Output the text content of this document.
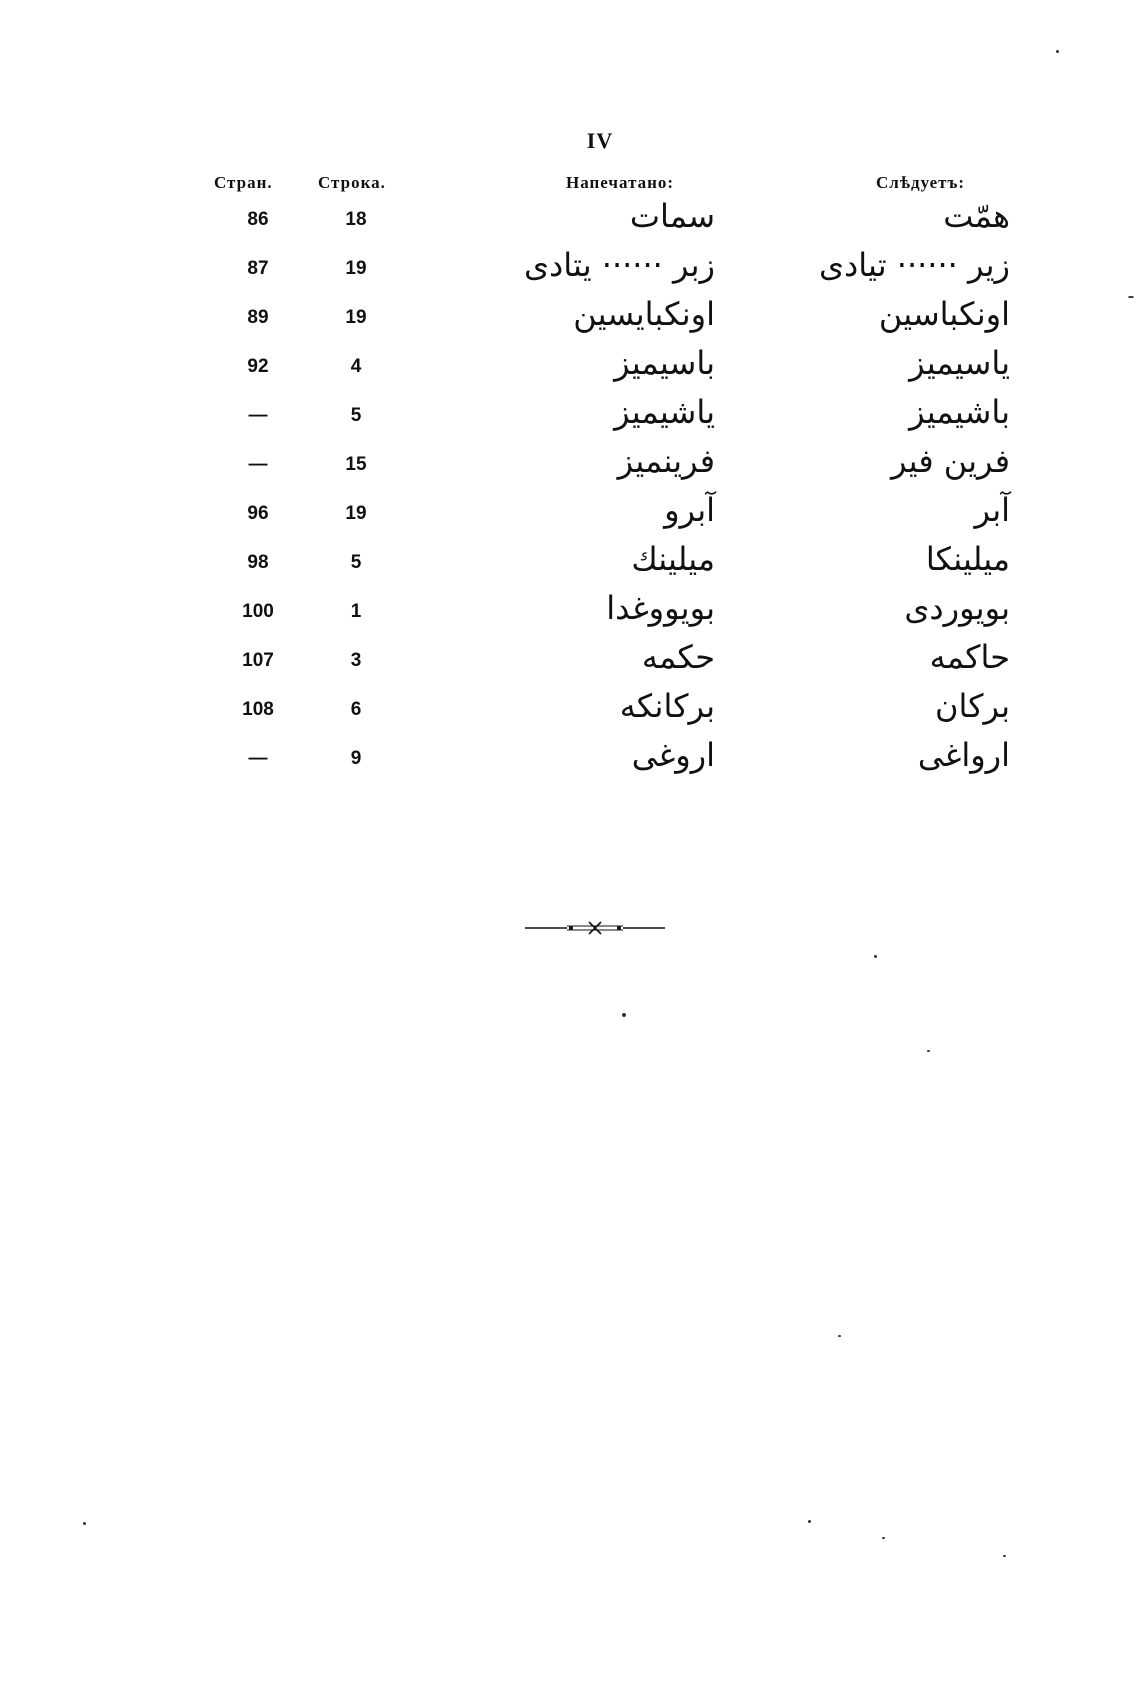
IV
Стран.	Строка.	Напечатано:	Слѣдуетъ:
86	18	سمات	همّت
87	19	زبر ······ يتادى	زير ······ تيادى
89	19	اونكبايسين	اونكباسين
92	4	باسيميز	ياسيميز
—	5	ياشيميز	باشيميز
—	15	فرينميز	فرين فير
96	19	آبرو	آبر
98	5	ميلينك	ميلينكا
100	1	بويووغدا	بويوردى
107	3	حكمه	حاكمه
108	6	بركانكه	بركان
—	9	اروغى	ارواغى
